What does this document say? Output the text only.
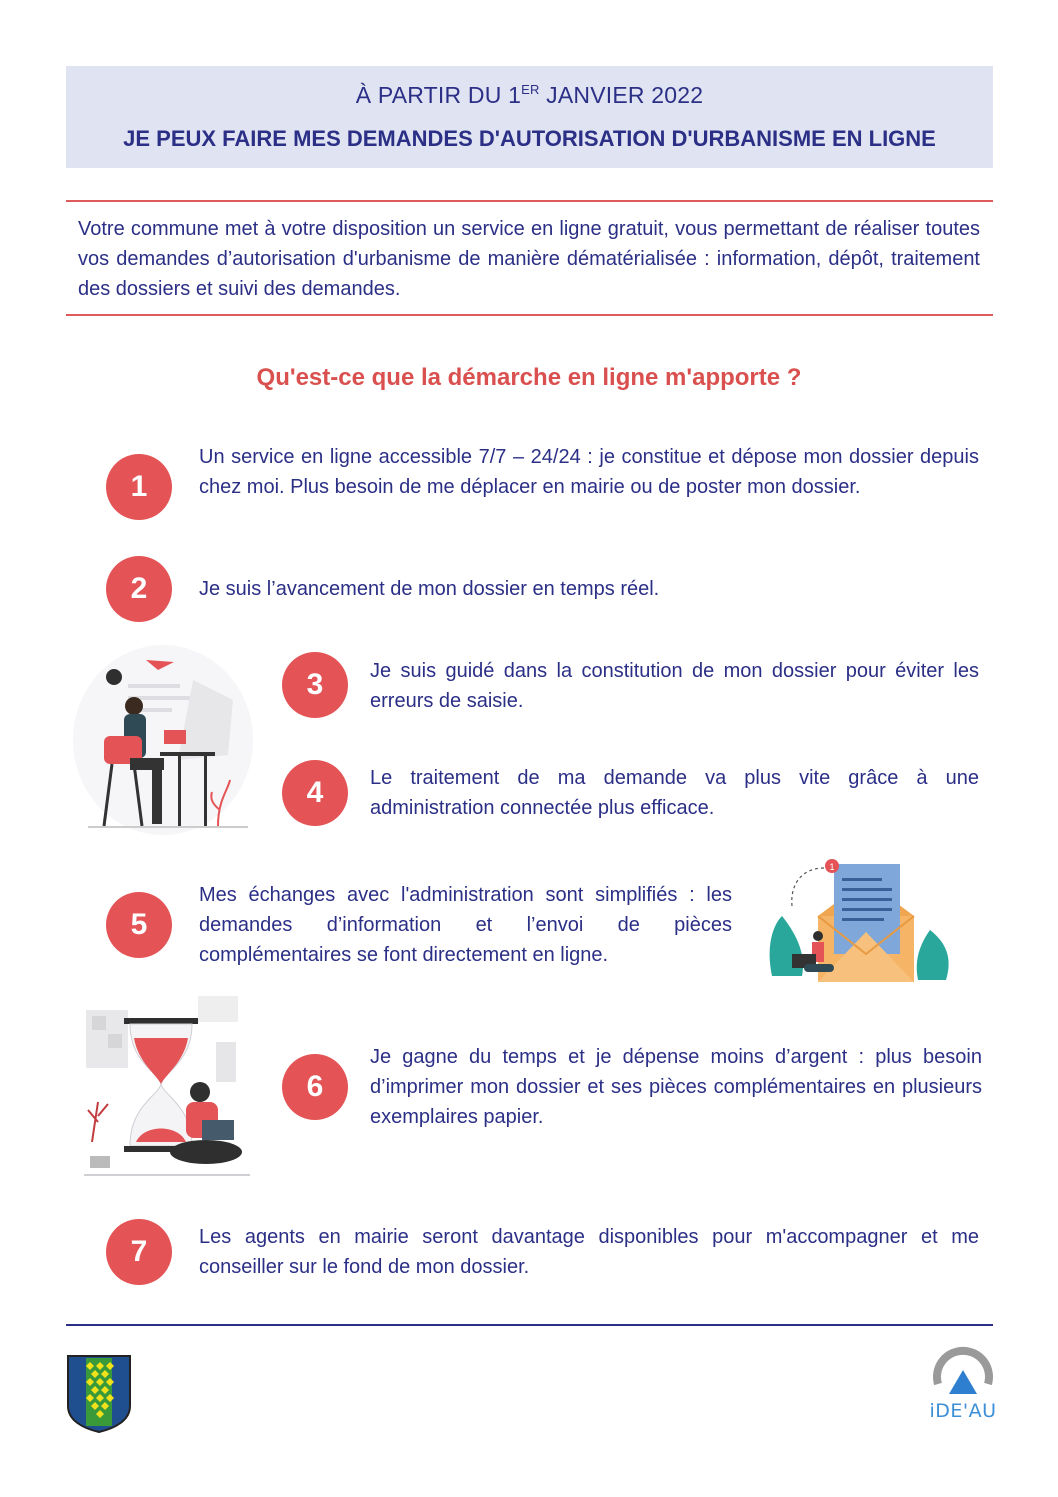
À PARTIR DU 1ER JANVIER 2022
JE PEUX FAIRE MES DEMANDES D'AUTORISATION D'URBANISME EN LIGNE
Votre commune met à votre disposition un service en ligne gratuit, vous permettant de réaliser toutes vos demandes d’autorisation d'urbanisme de manière dématérialisée : information, dépôt, traitement des dossiers et suivi des demandes.
Qu'est-ce que la démarche en ligne m'apporte ?
1
Un service en ligne accessible 7/7 – 24/24 : je constitue et dépose mon dossier depuis chez moi. Plus besoin de me déplacer en mairie ou de poster mon dossier.
2	Je suis l’avancement de mon dossier en temps réel.
3	Je suis guidé dans la constitution de mon dossier pour éviter les erreurs de saisie.
4	Le traitement de ma demande va plus vite grâce à une administration connectée plus efficace.
5
Mes échanges avec l'administration sont simplifiés : les demandes d’information et l’envoi de pièces complémentaires se font directement en ligne.
1
6
Je gagne du temps et je dépense moins d’argent : plus besoin d’imprimer mon dossier et ses pièces complémentaires en plusieurs exemplaires papier.
7	Les agents en mairie seront davantage disponibles pour m'accompagner et me conseiller sur le fond de mon dossier.
iDE'AU
